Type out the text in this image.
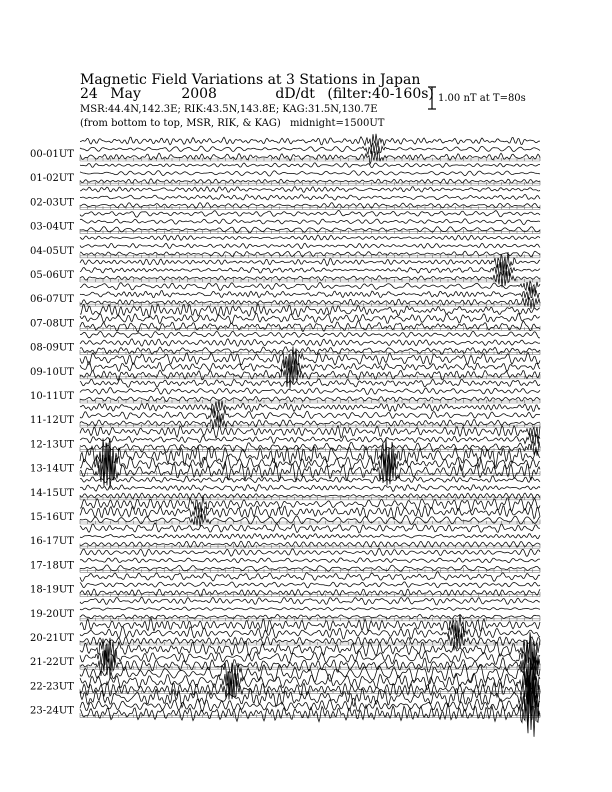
Magnetic Field Variations at 3 Stations in Japan
24 May	2008	dD/dt (filter:40-160s)
MSR:44.4N,142.3E; RIK:43.5N,143.8E; KAG:31.5N,130.7E
(from bottom to top, MSR, RIK, & KAG) midnight=1500UT
1.00 nT at T=80s
00-01UT
01-02UT
02-03UT
03-04UT
04-05UT
05-06UT
06-07UT
07-08UT
08-09UT
09-10UT
10-11UT
11-12UT
12-13UT
13-14UT
14-15UT
15-16UT
16-17UT
17-18UT
18-19UT
19-20UT
20-21UT
21-22UT
22-23UT
23-24UT
